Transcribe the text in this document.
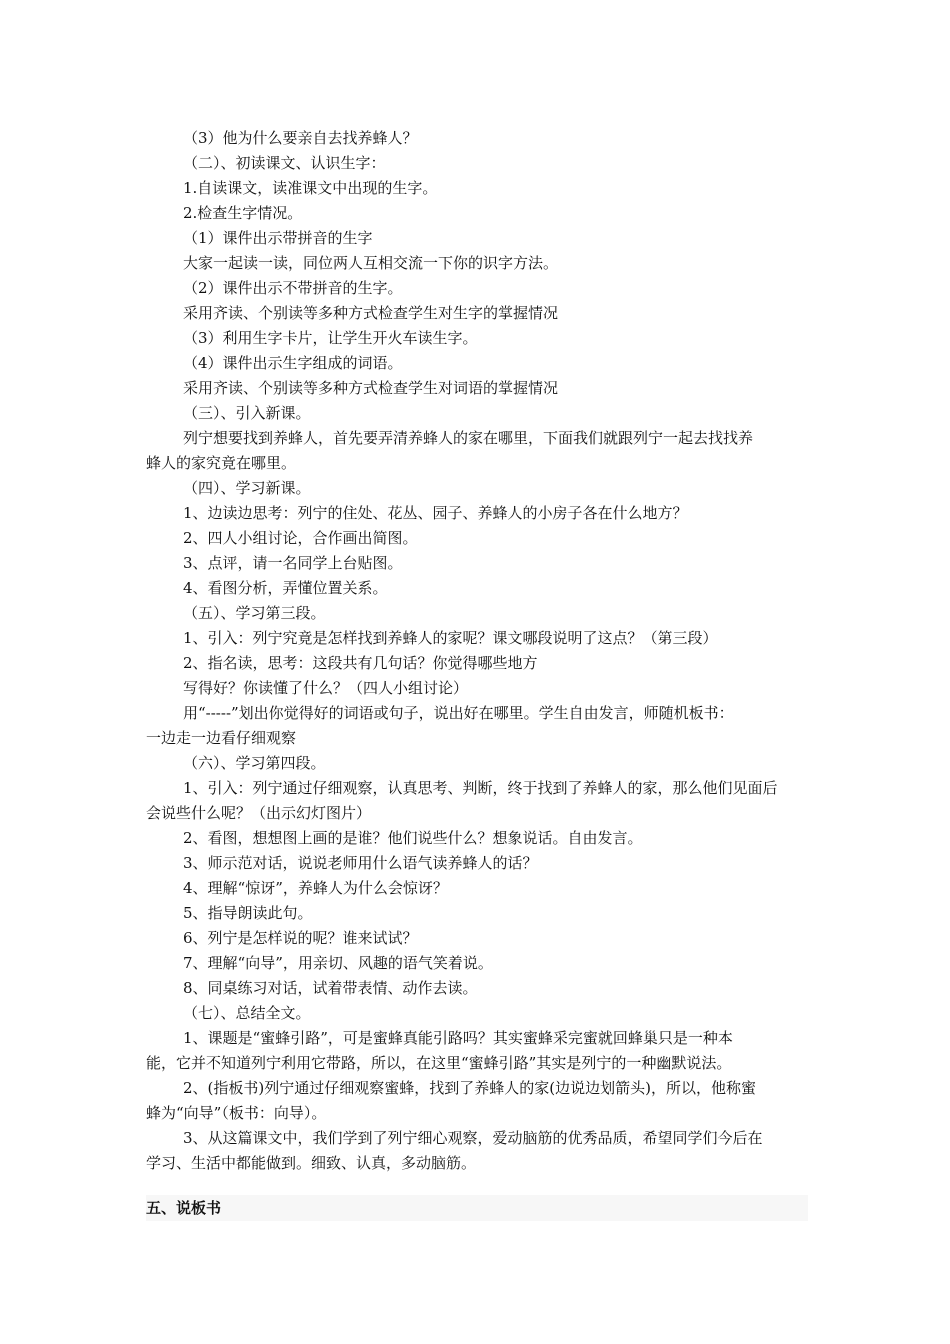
（3）他为什么要亲自去找养蜂人？
（二）、初读课文、认识生字：
1.自读课文，读准课文中出现的生字。
2.检查生字情况。
（1）课件出示带拼音的生字
大家一起读一读，同位两人互相交流一下你的识字方法。
（2）课件出示不带拼音的生字。
采用齐读、个别读等多种方式检查学生对生字的掌握情况
（3）利用生字卡片，让学生开火车读生字。
（4）课件出示生字组成的词语。
采用齐读、个别读等多种方式检查学生对词语的掌握情况
（三）、引入新课。
列宁想要找到养蜂人，首先要弄清养蜂人的家在哪里，下面我们就跟列宁一起去找找养
蜂人的家究竟在哪里。
（四）、学习新课。
1、边读边思考：列宁的住处、花丛、园子、养蜂人的小房子各在什么地方？
2、四人小组讨论，合作画出简图。
3、点评，请一名同学上台贴图。
4、看图分析，弄懂位置关系。
（五）、学习第三段。
1、引入：列宁究竟是怎样找到养蜂人的家呢？课文哪段说明了这点？（第三段）
2、指名读，思考：这段共有几句话？你觉得哪些地方
写得好？你读懂了什么？（四人小组讨论）
用“-----”划出你觉得好的词语或句子，说出好在哪里。学生自由发言，师随机板书：
一边走一边看仔细观察
（六）、学习第四段。
1、引入：列宁通过仔细观察，认真思考、判断，终于找到了养蜂人的家，那么他们见面后
会说些什么呢？（出示幻灯图片）
2、看图，想想图上画的是谁？他们说些什么？想象说话。自由发言。
3、师示范对话，说说老师用什么语气读养蜂人的话？
4、理解“惊讶”，养蜂人为什么会惊讶？
5、指导朗读此句。
6、列宁是怎样说的呢？谁来试试？
7、理解“向导”，用亲切、风趣的语气笑着说。
8、同桌练习对话，试着带表情、动作去读。
（七）、总结全文。
1、课题是“蜜蜂引路”，可是蜜蜂真能引路吗？其实蜜蜂采完蜜就回蜂巢只是一种本
能，它并不知道列宁利用它带路，所以，在这里“蜜蜂引路”其实是列宁的一种幽默说法。
2、(指板书)列宁通过仔细观察蜜蜂，找到了养蜂人的家(边说边划箭头)，所以，他称蜜
蜂为“向导”（板书：向导）。
3、从这篇课文中，我们学到了列宁细心观察，爱动脑筋的优秀品质，希望同学们今后在
学习、生活中都能做到。细致、认真，多动脑筋。
五、说板书
